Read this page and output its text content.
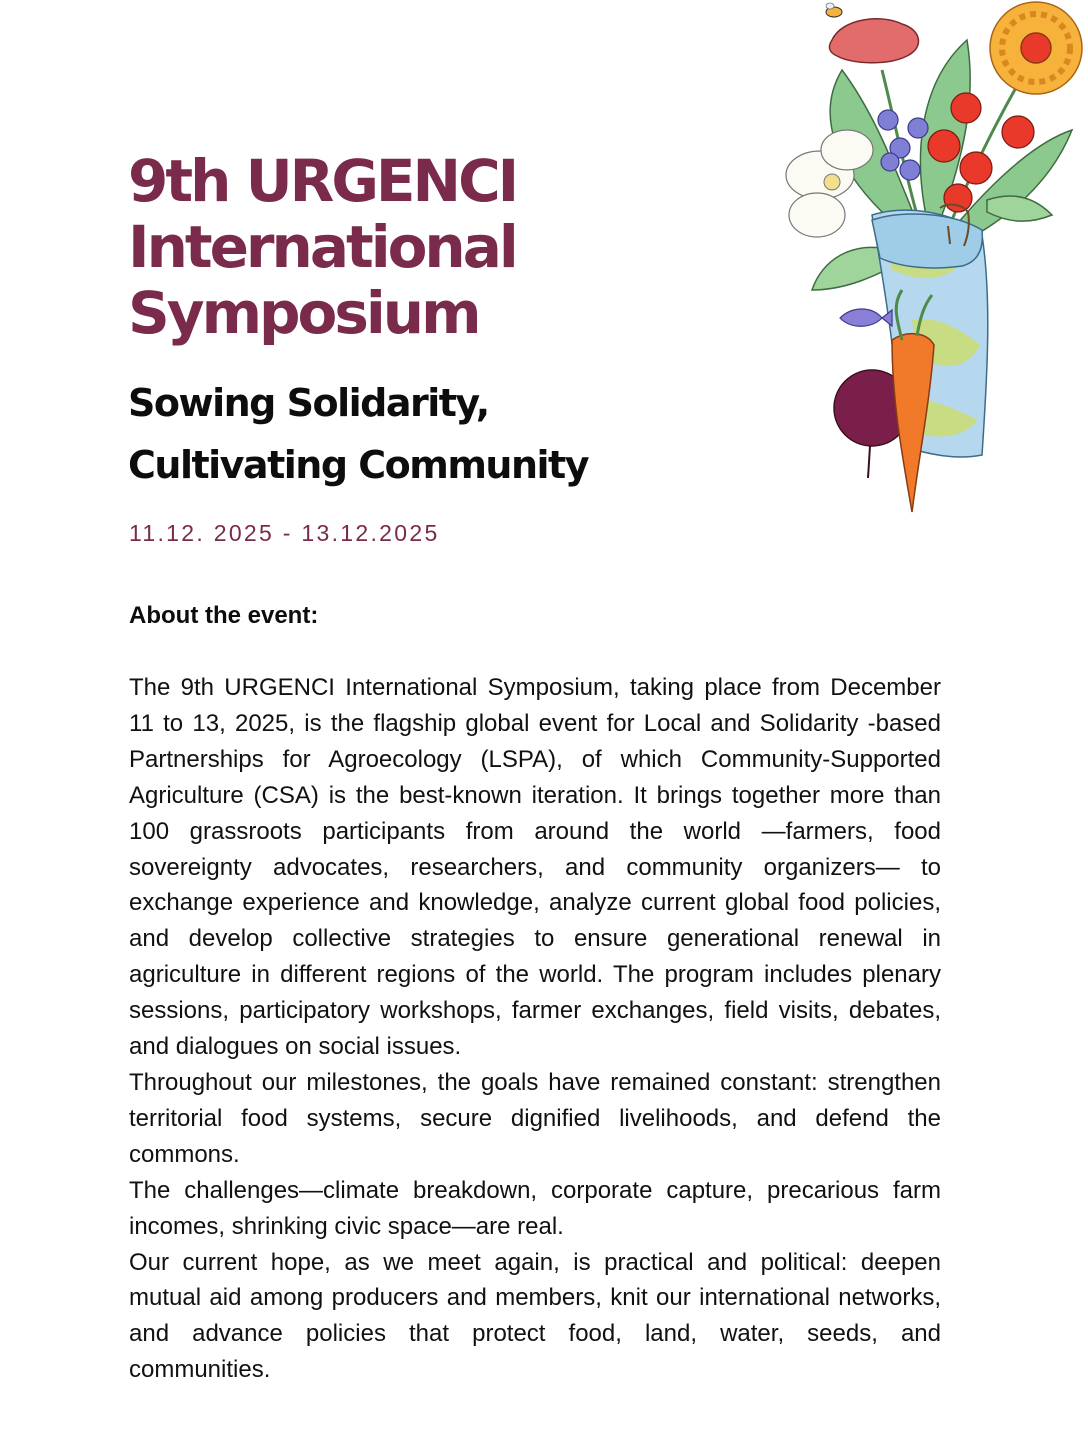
9th URGENCI
International
Symposium
Sowing Solidarity,
Cultivating Community
11.12. 2025 - 13.12.2025
About the event:

The 9th URGENCI International Symposium, taking place from December 11 to 13, 2025, is the flagship global event for Local and Solidarity -based Partnerships for Agroecology (LSPA), of which Community-Supported Agriculture (CSA) is the best-known iteration. It brings together more than 100 grassroots participants from around the world —farmers, food sovereignty advocates, researchers, and community organizers— to exchange experience and knowledge, analyze current global food policies, and develop collective strategies to ensure generational renewal in agriculture in different regions of the world. The program includes plenary sessions, participatory workshops, farmer exchanges, field visits, debates, and dialogues on social issues.

Throughout our milestones, the goals have remained constant: strengthen territorial food systems, secure dignified livelihoods, and defend the commons.

The challenges—climate breakdown, corporate capture, precarious farm incomes, shrinking civic space—are real.

Our current hope, as we meet again, is practical and political: deepen mutual aid among producers and members, knit our international networks, and advance policies that protect food, land, water, seeds, and communities.
